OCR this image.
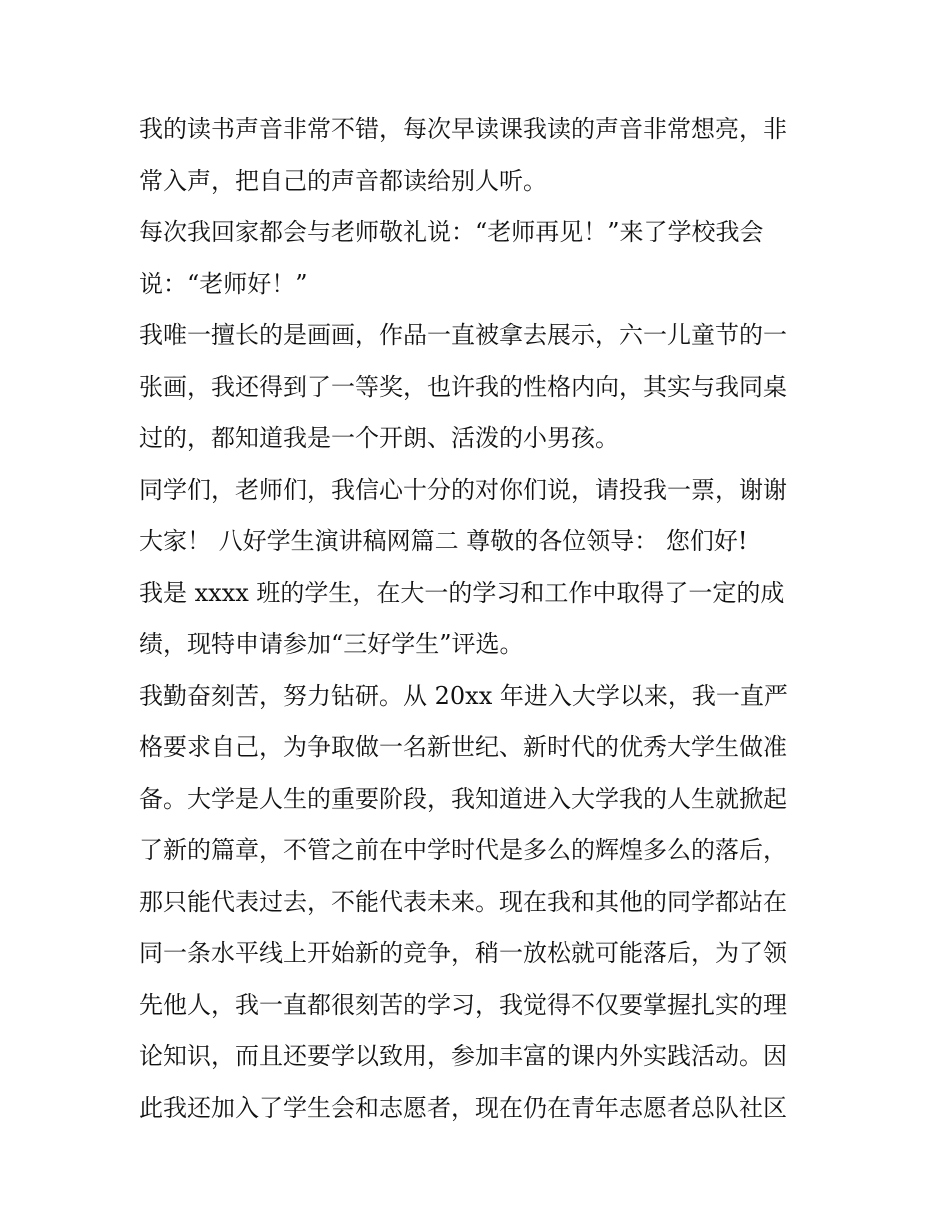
我的读书声音非常不错，每次早读课我读的声音非常想亮，非
常入声，把自己的声音都读给别人听。
每次我回家都会与老师敬礼说：“老师再见！”来了学校我会
说：“老师好！”
我唯一擅长的是画画，作品一直被拿去展示，六一儿童节的一
张画，我还得到了一等奖，也许我的性格内向，其实与我同桌
过的，都知道我是一个开朗、活泼的小男孩。
同学们，老师们，我信心十分的对你们说，请投我一票，谢谢
大家！ 八好学生演讲稿网篇二 尊敬的各位领导： 您们好!
我是 xxxx 班的学生，在大一的学习和工作中取得了一定的成
绩，现特申请参加“三好学生”评选。
我勤奋刻苦，努力钻研。从 20xx 年进入大学以来，我一直严
格要求自己，为争取做一名新世纪、新时代的优秀大学生做准
备。大学是人生的重要阶段，我知道进入大学我的人生就掀起
了新的篇章，不管之前在中学时代是多么的辉煌多么的落后，
那只能代表过去，不能代表未来。现在我和其他的同学都站在
同一条水平线上开始新的竞争，稍一放松就可能落后，为了领
先他人，我一直都很刻苦的学习，我觉得不仅要掌握扎实的理
论知识，而且还要学以致用，参加丰富的课内外实践活动。因
此我还加入了学生会和志愿者，现在仍在青年志愿者总队社区
